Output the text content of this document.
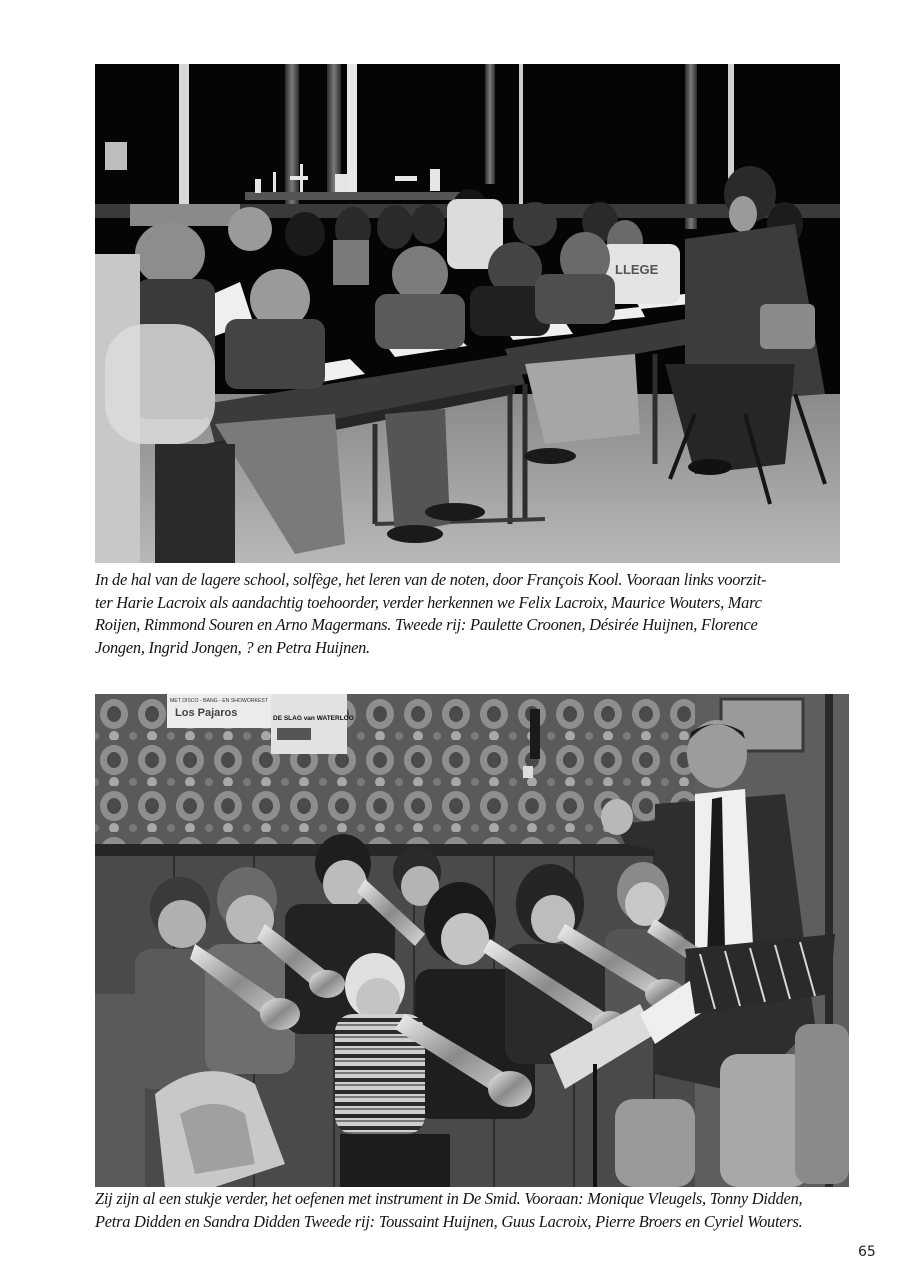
LLEGE
In de hal van de lagere school, solfège, het leren van de noten, door François Kool. Vooraan links voorzit-
ter Harie Lacroix als aandachtig toehoorder, verder herkennen we Felix Lacroix, Maurice Wouters, Marc
Roijen, Rimmond Souren en Arno Magermans. Tweede rij: Paulette Croonen, Désirée Huijnen, Florence
Jongen, Ingrid Jongen, ? en Petra Huijnen.
DE SLAG van WATERLOO
MET DISCO - BANG - EN SHOWORKEST
Los Pajaros
Zij zijn al een stukje verder, het oefenen met instrument in De Smid. Vooraan: Monique Vleugels, Tonny Didden,
Petra Didden en Sandra Didden Tweede rij: Toussaint Huijnen, Guus Lacroix, Pierre Broers en Cyriel Wouters.
65
